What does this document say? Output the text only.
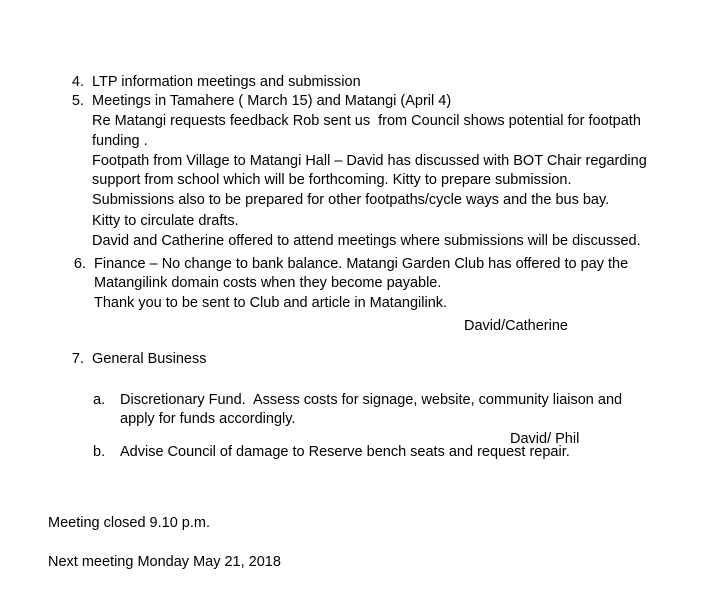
4. LTP information meetings and submission
5. Meetings in Tamahere ( March 15) and Matangi (April 4)
Re Matangi requests feedback Rob sent us  from Council shows potential for footpath funding .
Footpath from Village to Matangi Hall – David has discussed with BOT Chair regarding support from school which will be forthcoming. Kitty to prepare submission.
Submissions also to be prepared for other footpaths/cycle ways and the bus bay.
Kitty to circulate drafts.
David and Catherine offered to attend meetings where submissions will be discussed.
6. Finance – No change to bank balance. Matangi Garden Club has offered to pay the Matangilink domain costs when they become payable.
Thank you to be sent to Club and article in Matangilink.
David/Catherine
7. General Business
a.	Discretionary Fund.  Assess costs for signage, website, community liaison and apply for funds accordingly.
David/ Phil
b.	Advise Council of damage to Reserve bench seats and request repair.
Meeting closed 9.10 p.m.
Next meeting Monday May 21, 2018
